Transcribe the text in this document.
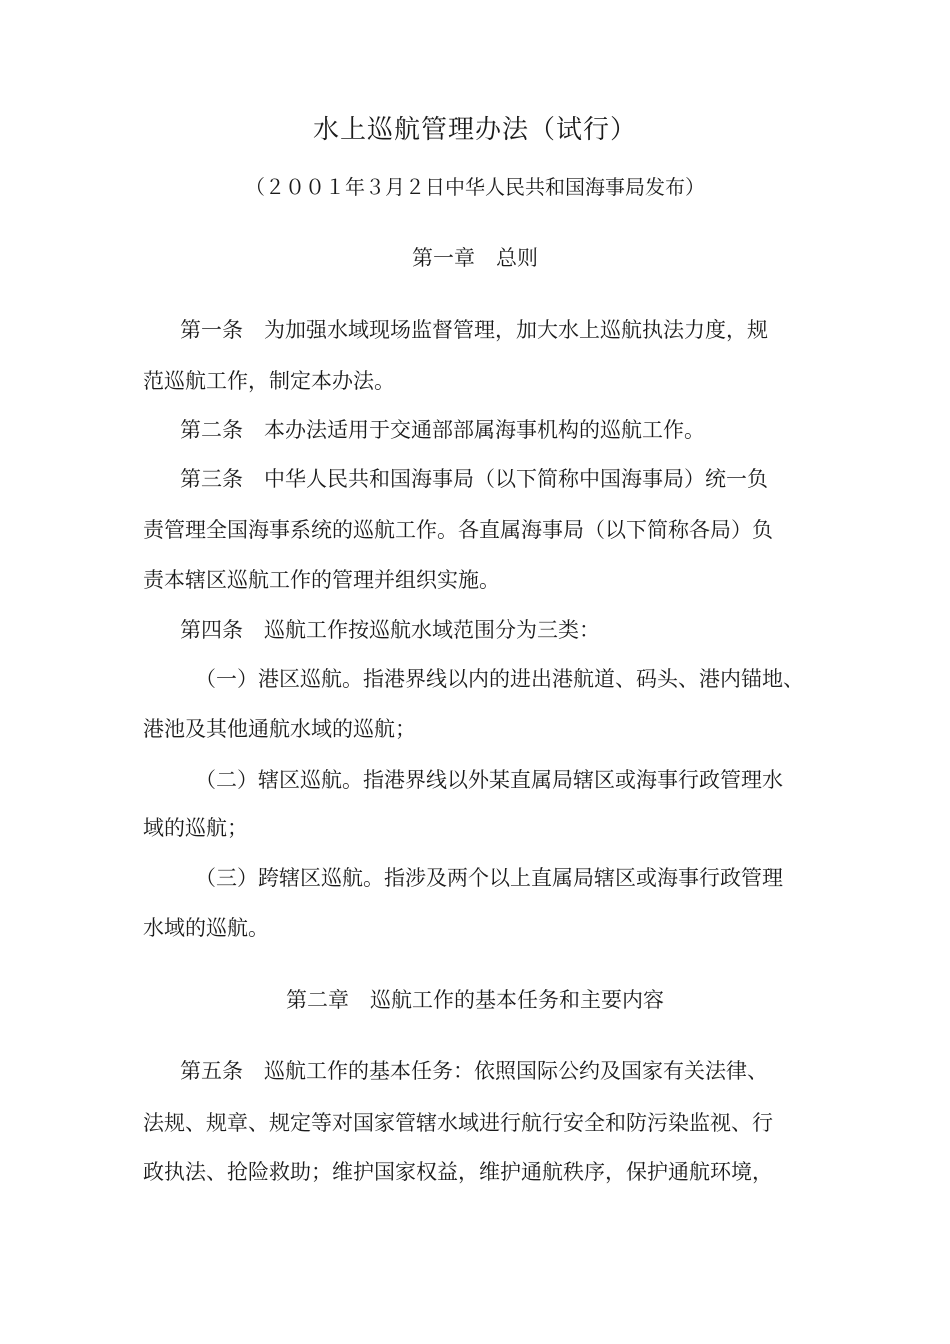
水上巡航管理办法（试行）
（２００１年３月２日中华人民共和国海事局发布）
第一章　总则
第一条　为加强水域现场监督管理，加大水上巡航执法力度，规
范巡航工作，制定本办法。
第二条　本办法适用于交通部部属海事机构的巡航工作。
第三条　中华人民共和国海事局（以下简称中国海事局）统一负
责管理全国海事系统的巡航工作。各直属海事局（以下简称各局）负
责本辖区巡航工作的管理并组织实施。
第四条　巡航工作按巡航水域范围分为三类：
（一）港区巡航。指港界线以内的进出港航道、码头、港内锚地、
港池及其他通航水域的巡航；
（二）辖区巡航。指港界线以外某直属局辖区或海事行政管理水
域的巡航；
（三）跨辖区巡航。指涉及两个以上直属局辖区或海事行政管理
水域的巡航。
第二章　巡航工作的基本任务和主要内容
第五条　巡航工作的基本任务：依照国际公约及国家有关法律、
法规、规章、规定等对国家管辖水域进行航行安全和防污染监视、行
政执法、抢险救助；维护国家权益，维护通航秩序，保护通航环境，
